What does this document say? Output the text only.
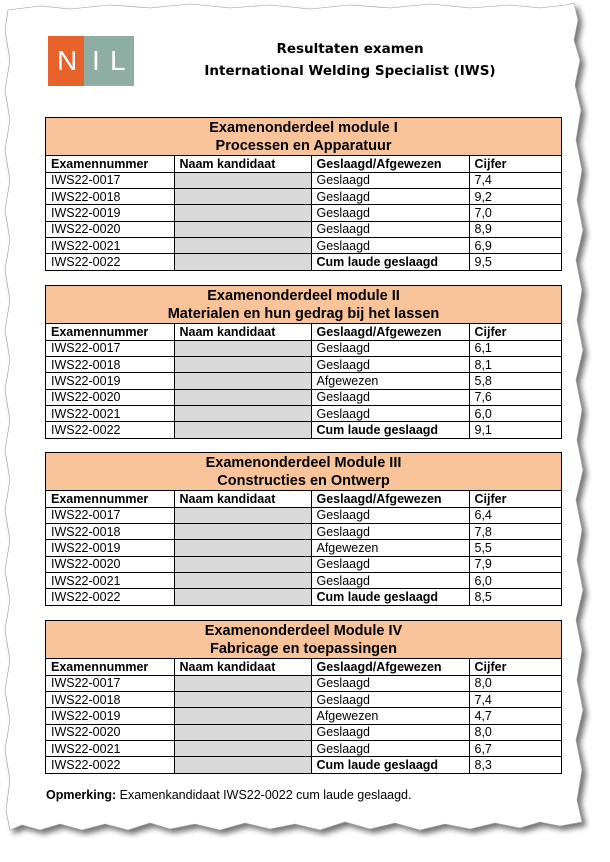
N I L	Resultaten examen
International Welding Specialist (IWS)
Examenonderdeel module I
Processen en Apparatuur
Examennummer	Naam kandidaat	Geslaagd/Afgewezen	Cijfer
IWS22-0017		Geslaagd	7,4
IWS22-0018		Geslaagd	9,2
IWS22-0019		Geslaagd	7,0
IWS22-0020		Geslaagd	8,9
IWS22-0021		Geslaagd	6,9
IWS22-0022		Cum laude geslaagd	9,5
Examenonderdeel module II
Materialen en hun gedrag bij het lassen
Examennummer	Naam kandidaat	Geslaagd/Afgewezen	Cijfer
IWS22-0017		Geslaagd	6,1
IWS22-0018		Geslaagd	8,1
IWS22-0019		Afgewezen	5,8
IWS22-0020		Geslaagd	7,6
IWS22-0021		Geslaagd	6,0
IWS22-0022		Cum laude geslaagd	9,1
Examenonderdeel Module III
Constructies en Ontwerp
Examennummer	Naam kandidaat	Geslaagd/Afgewezen	Cijfer
IWS22-0017		Geslaagd	6,4
IWS22-0018		Geslaagd	7,8
IWS22-0019		Afgewezen	5,5
IWS22-0020		Geslaagd	7,9
IWS22-0021		Geslaagd	6,0
IWS22-0022		Cum laude geslaagd	8,5
Examenonderdeel Module IV
Fabricage en toepassingen
Examennummer	Naam kandidaat	Geslaagd/Afgewezen	Cijfer
IWS22-0017		Geslaagd	8,0
IWS22-0018		Geslaagd	7,4
IWS22-0019		Afgewezen	4,7
IWS22-0020		Geslaagd	8,0
IWS22-0021		Geslaagd	6,7
IWS22-0022		Cum laude geslaagd	8,3
Opmerking: Examenkandidaat IWS22-0022 cum laude geslaagd.
